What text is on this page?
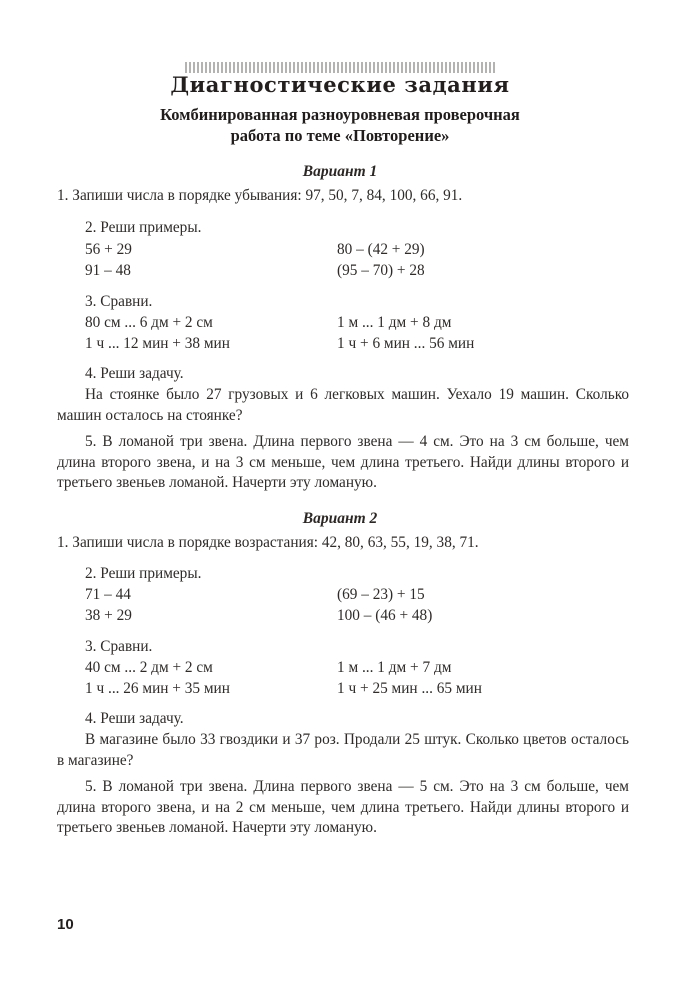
Диагностические задания
Комбинированная разноуровневая проверочная
работа по теме «Повторение»
Вариант 1
1. Запиши числа в порядке убывания: 97, 50, 7, 84, 100, 66, 91.
2. Реши примеры.
56 + 29	80 – (42 + 29)
91 – 48	(95 – 70) + 28
3. Сравни.
80 см ... 6 дм + 2 см	1 м ... 1 дм + 8 дм
1 ч ... 12 мин + 38 мин	1 ч + 6 мин ... 56 мин
4. Реши задачу.
На стоянке было 27 грузовых и 6 легковых машин. Уехало 19 машин. Сколько машин осталось на стоянке?
5. В ломаной три звена. Длина первого звена — 4 см. Это на 3 см больше, чем длина второго звена, и на 3 см меньше, чем длина третьего. Найди длины второго и третьего звеньев ломаной. Начерти эту ломаную.
Вариант 2
1. Запиши числа в порядке возрастания: 42, 80, 63, 55, 19, 38, 71.
2. Реши примеры.
71 – 44	(69 – 23) + 15
38 + 29	100 – (46 + 48)
3. Сравни.
40 см ... 2 дм + 2 см	1 м ... 1 дм + 7 дм
1 ч ... 26 мин + 35 мин	1 ч + 25 мин ... 65 мин
4. Реши задачу.
В магазине было 33 гвоздики и 37 роз. Продали 25 штук. Сколько цветов осталось в магазине?
5. В ломаной три звена. Длина первого звена — 5 см. Это на 3 см больше, чем длина второго звена, и на 2 см меньше, чем длина третьего. Найди длины второго и третьего звеньев ломаной. Начерти эту ломаную.
10
